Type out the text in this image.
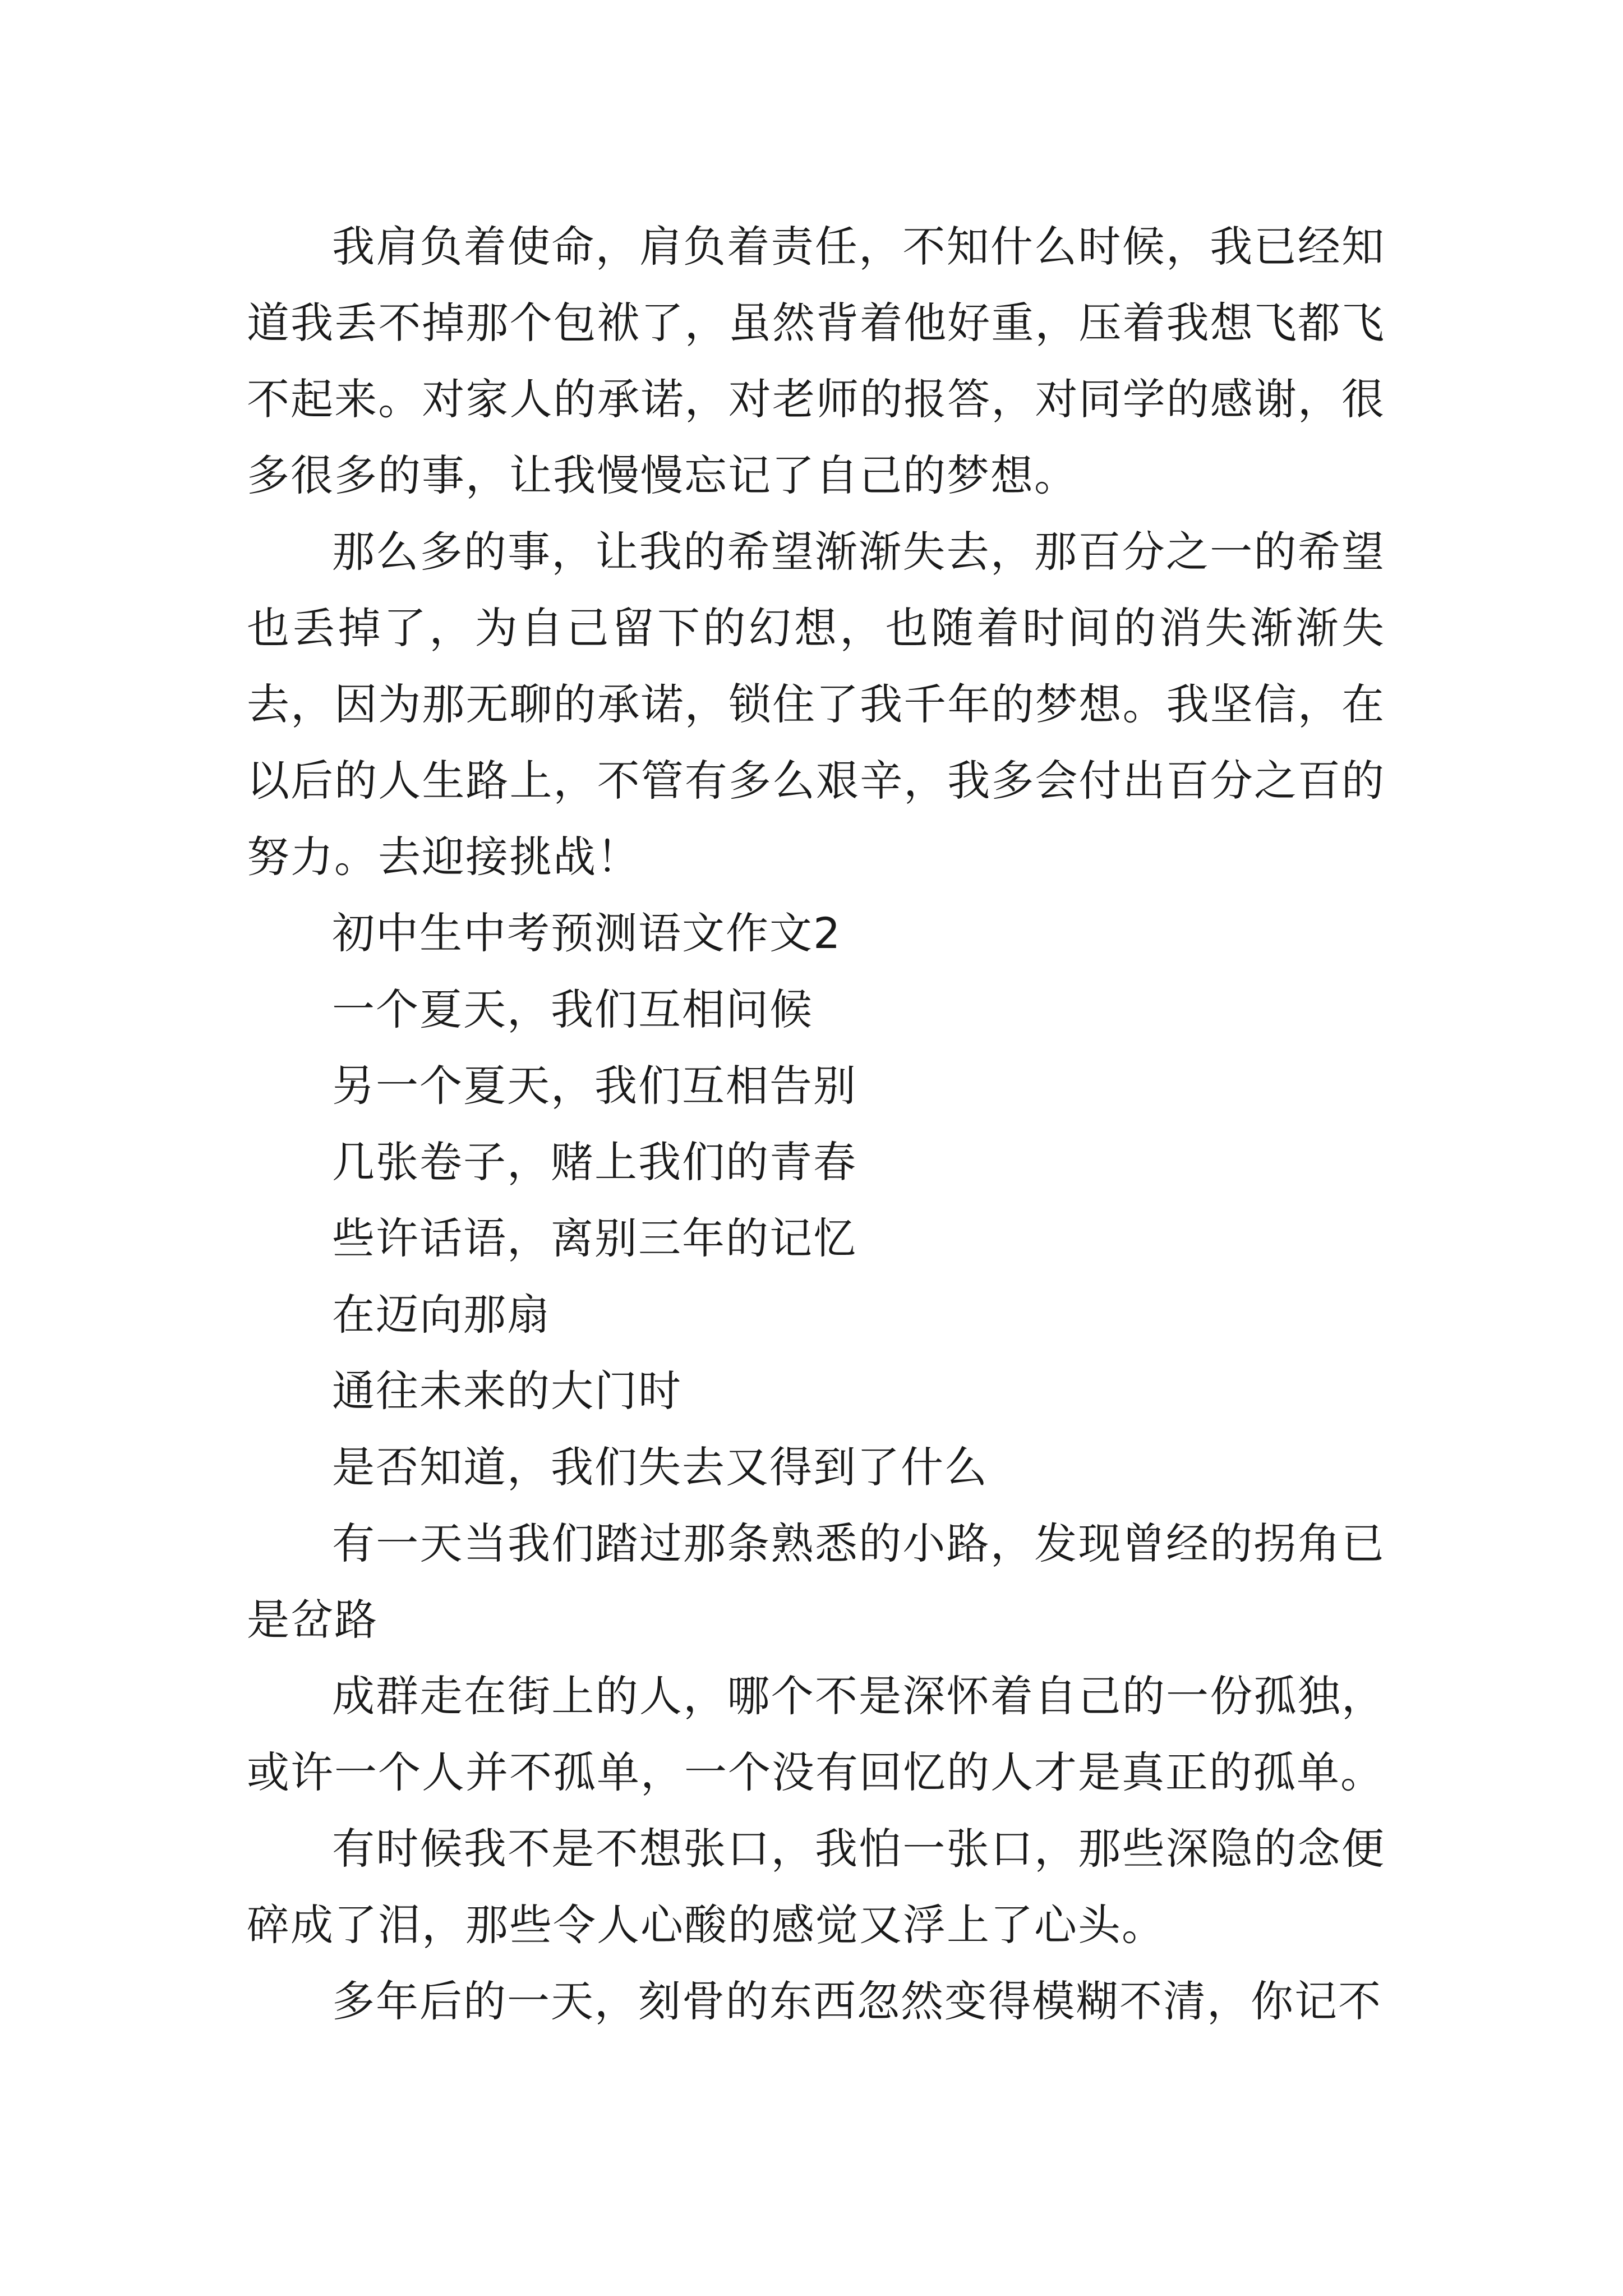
我肩负着使命，肩负着责任，不知什么时候，我已经知道我丢不掉那个包袱了，虽然背着他好重，压着我想飞都飞不起来。对家人的承诺，对老师的报答，对同学的感谢，很多很多的事，让我慢慢忘记了自己的梦想。

那么多的事，让我的希望渐渐失去，那百分之一的希望也丢掉了，为自己留下的幻想，也随着时间的消失渐渐失去，因为那无聊的承诺，锁住了我千年的梦想。我坚信，在以后的人生路上，不管有多么艰辛，我多会付出百分之百的努力。去迎接挑战！

初中生中考预测语文作文2

一个夏天，我们互相问候

另一个夏天，我们互相告别

几张卷子，赌上我们的青春

些许话语，离别三年的记忆

在迈向那扇

通往未来的大门时

是否知道，我们失去又得到了什么

有一天当我们踏过那条熟悉的小路，发现曾经的拐角已是岔路

成群走在街上的人，哪个不是深怀着自己的一份孤独，或许一个人并不孤单，一个没有回忆的人才是真正的孤单。

有时候我不是不想张口，我怕一张口，那些深隐的念便碎成了泪，那些令人心酸的感觉又浮上了心头。

多年后的一天，刻骨的东西忽然变得模糊不清，你记不
